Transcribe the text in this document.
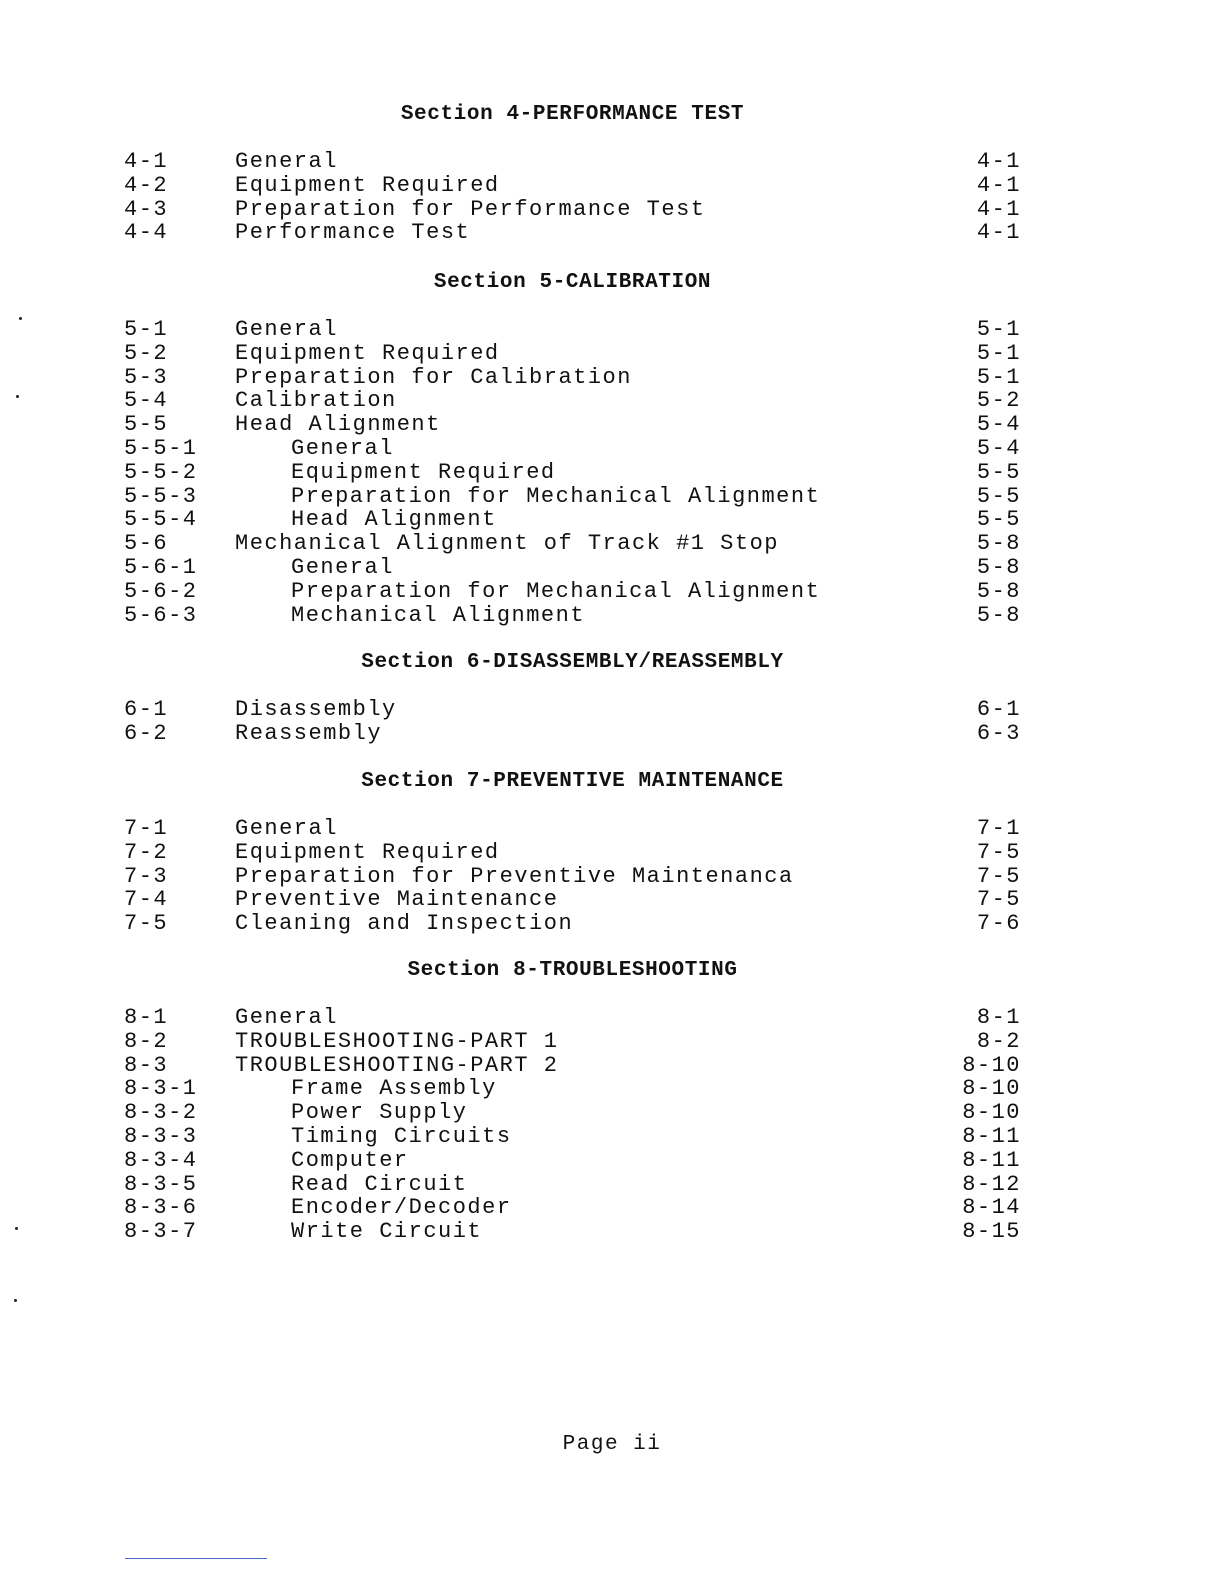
Section 4-PERFORMANCE TEST
4-1	General	4-1
4-2	Equipment Required	4-1
4-3	Preparation for Performance Test	4-1
4-4	Performance Test	4-1
Section 5-CALIBRATION
5-1	General	5-1
5-2	Equipment Required	5-1
5-3	Preparation for Calibration	5-1
5-4	Calibration	5-2
5-5	Head Alignment	5-4
5-5-1	General	5-4
5-5-2	Equipment Required	5-5
5-5-3	Preparation for Mechanical Alignment	5-5
5-5-4	Head Alignment	5-5
5-6	Mechanical Alignment of Track #1 Stop	5-8
5-6-1	General	5-8
5-6-2	Preparation for Mechanical Alignment	5-8
5-6-3	Mechanical Alignment	5-8
Section 6-DISASSEMBLY/REASSEMBLY
6-1	Disassembly	6-1
6-2	Reassembly	6-3
Section 7-PREVENTIVE MAINTENANCE
7-1	General	7-1
7-2	Equipment Required	7-5
7-3	Preparation for Preventive Maintenanca	7-5
7-4	Preventive Maintenance	7-5
7-5	Cleaning and Inspection	7-6
Section 8-TROUBLESHOOTING
8-1	General	8-1
8-2	TROUBLESHOOTING-PART 1	8-2
8-3	TROUBLESHOOTING-PART 2	8-10
8-3-1	Frame Assembly	8-10
8-3-2	Power Supply	8-10
8-3-3	Timing Circuits	8-11
8-3-4	Computer	8-11
8-3-5	Read Circuit	8-12
8-3-6	Encoder/Decoder	8-14
8-3-7	Write Circuit	8-15
Page ii
